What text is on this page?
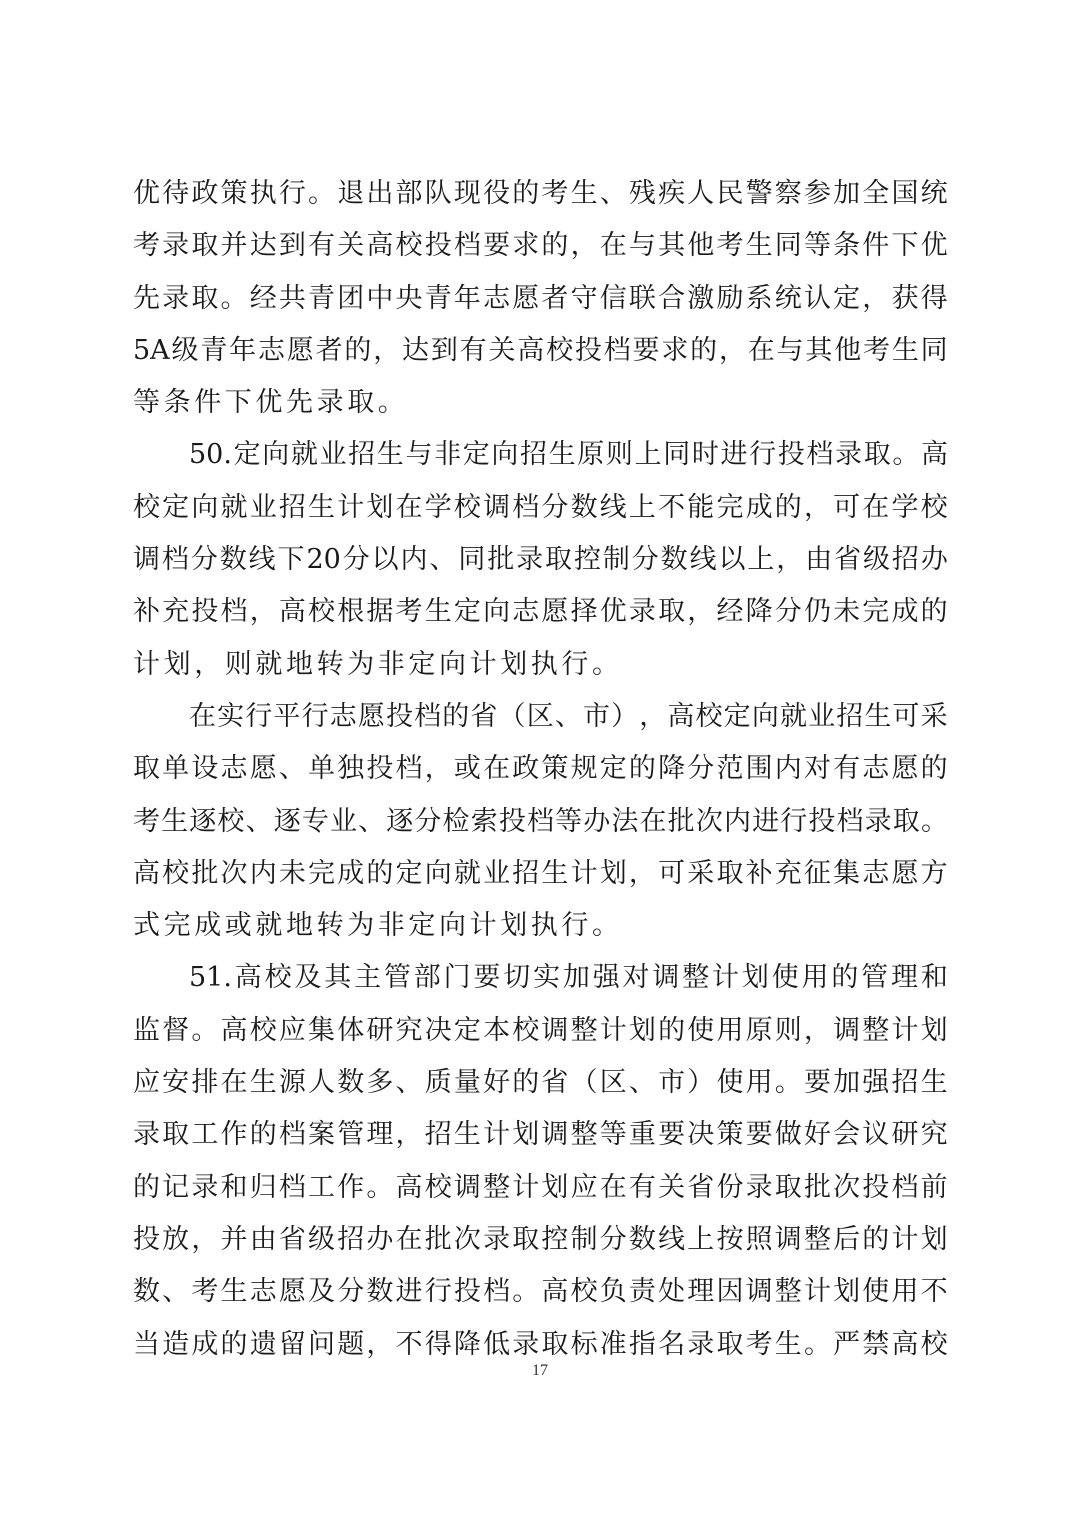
优 待 政 策 执 行 。 退 出 部 队 现 役 的 考 生 、 残 疾 人 民 警 察 参 加 全 国 统
考 录 取 并 达 到 有 关 高 校 投 档 要 求 的 ， 在 与 其 他 考 生 同 等 条 件 下 优
先 录 取 。 经 共 青 团 中 央 青 年 志 愿 者 守 信 联 合 激 励 系 统 认 定 ， 获 得
5A 级 青 年 志 愿 者 的 ， 达 到 有 关 高 校 投 档 要 求 的 ， 在 与 其 他 考 生 同
等条件下优先录取。
50. 定 向 就 业 招 生 与 非 定 向 招 生 原 则 上 同 时 进 行 投 档 录 取 。 高
校 定 向 就 业 招 生 计 划 在 学 校 调 档 分 数 线 上 不 能 完 成 的 ， 可 在 学 校
调 档 分 数 线 下 20 分 以 内 、 同 批 录 取 控 制 分 数 线 以 上 ， 由 省 级 招 办
补 充 投 档 ， 高 校 根 据 考 生 定 向 志 愿 择 优 录 取 ， 经 降 分 仍 未 完 成 的
计划，则就地转为非定向计划执行。
在 实 行 平 行 志 愿 投 档 的 省 （ 区 、 市 ） ， 高 校 定 向 就 业 招 生 可 采
取 单 设 志 愿 、 单 独 投 档 ， 或 在 政 策 规 定 的 降 分 范 围 内 对 有 志 愿 的
考 生 逐 校 、 逐 专 业 、 逐 分 检 索 投 档 等 办 法 在 批 次 内 进 行 投 档 录 取 。
高 校 批 次 内 未 完 成 的 定 向 就 业 招 生 计 划 ， 可 采 取 补 充 征 集 志 愿 方
式完成或就地转为非定向计划执行。
51. 高 校 及 其 主 管 部 门 要 切 实 加 强 对 调 整 计 划 使 用 的 管 理 和
监 督 。 高 校 应 集 体 研 究 决 定 本 校 调 整 计 划 的 使 用 原 则 ， 调 整 计 划
应 安 排 在 生 源 人 数 多 、 质 量 好 的 省 （ 区 、 市 ） 使 用 。 要 加 强 招 生
录 取 工 作 的 档 案 管 理 ， 招 生 计 划 调 整 等 重 要 决 策 要 做 好 会 议 研 究
的 记 录 和 归 档 工 作 。 高 校 调 整 计 划 应 在 有 关 省 份 录 取 批 次 投 档 前
投 放 ， 并 由 省 级 招 办 在 批 次 录 取 控 制 分 数 线 上 按 照 调 整 后 的 计 划
数 、 考 生 志 愿 及 分 数 进 行 投 档 。 高 校 负 责 处 理 因 调 整 计 划 使 用 不
当 造 成 的 遗 留 问 题 ， 不 得 降 低 录 取 标 准 指 名 录 取 考 生 。 严 禁 高 校
17
